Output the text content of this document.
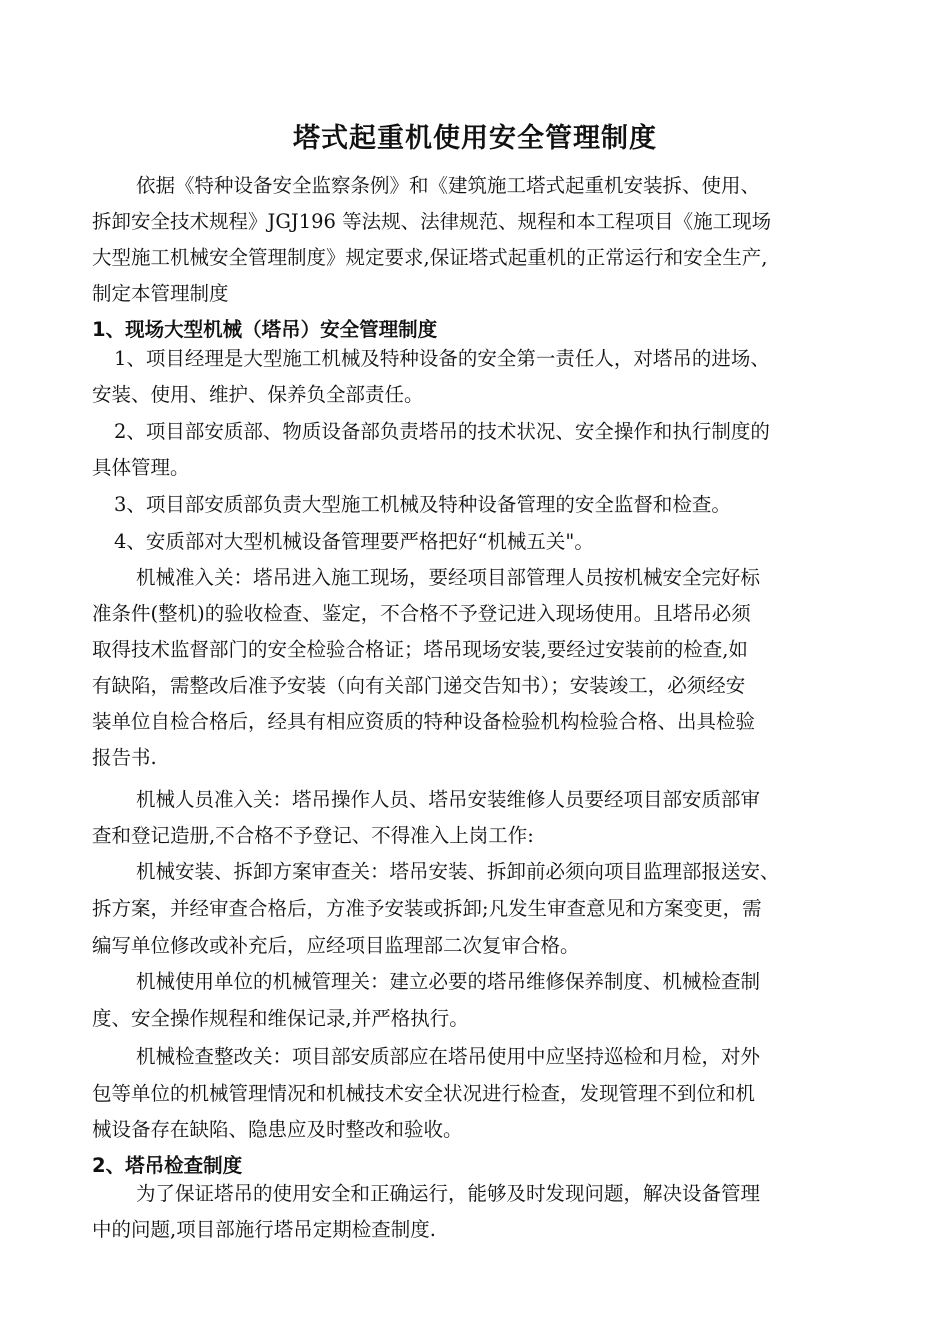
塔式起重机使用安全管理制度
依据《特种设备安全监察条例》和《建筑施工塔式起重机安装拆、使用、
拆卸安全技术规程》JGJ196 等法规、法律规范、规程和本工程项目《施工现场
大型施工机械安全管理制度》规定要求,保证塔式起重机的正常运行和安全生产,
制定本管理制度
1、现场大型机械（塔吊）安全管理制度
1、项目经理是大型施工机械及特种设备的安全第一责任人，对塔吊的进场、
安装、使用、维护、保养负全部责任。
2、项目部安质部、物质设备部负责塔吊的技术状况、安全操作和执行制度的
具体管理。
3、项目部安质部负责大型施工机械及特种设备管理的安全监督和检查。
4、安质部对大型机械设备管理要严格把好“机械五关"。
机械准入关：塔吊进入施工现场，要经项目部管理人员按机械安全完好标
准条件(整机)的验收检查、鉴定，不合格不予登记进入现场使用。且塔吊必须
取得技术监督部门的安全检验合格证；塔吊现场安装,要经过安装前的检查,如
有缺陷，需整改后准予安装（向有关部门递交告知书）；安装竣工，必须经安
装单位自检合格后，经具有相应资质的特种设备检验机构检验合格、出具检验
报告书.
机械人员准入关：塔吊操作人员、塔吊安装维修人员要经项目部安质部审
查和登记造册,不合格不予登记、不得准入上岗工作:
机械安装、拆卸方案审查关：塔吊安装、拆卸前必须向项目监理部报送安、
拆方案，并经审查合格后，方准予安装或拆卸;凡发生审查意见和方案变更，需
编写单位修改或补充后，应经项目监理部二次复审合格。
机械使用单位的机械管理关：建立必要的塔吊维修保养制度、机械检查制
度、安全操作规程和维保记录,并严格执行。
机械检查整改关：项目部安质部应在塔吊使用中应坚持巡检和月检，对外
包等单位的机械管理情况和机械技术安全状况进行检查，发现管理不到位和机
械设备存在缺陷、隐患应及时整改和验收。
2、塔吊检查制度
为了保证塔吊的使用安全和正确运行，能够及时发现问题，解决设备管理
中的问题,项目部施行塔吊定期检查制度.
